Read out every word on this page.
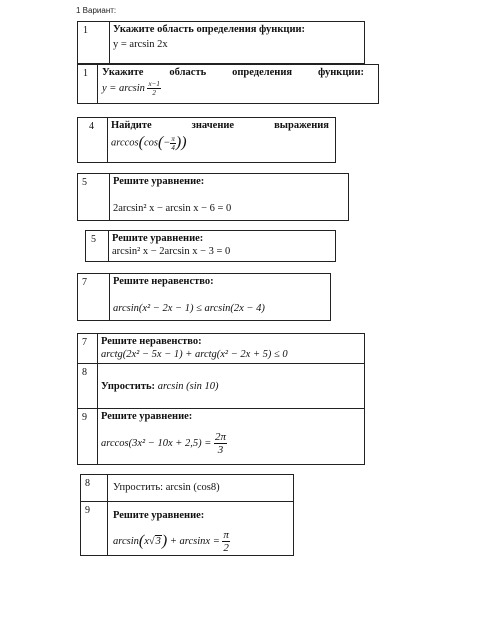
1 Вариант:
1 Укажите область определения функции:
y = arcsin 2x
1 Укажите область определения функции:
$y = \arcsin \frac{x-1}{2}$
4 Найдите	значение	выражения
$\arccos(\cos(- \frac{\pi}{4}$ ))
5 Решите уравнение:
2arcsin² x − arcsin x − 6 = 0
5 Решите уравнение:
arcsin² x − 2arcsin x − 3 = 0
7 Решите неравенство:
arcsin(x² − 2x − 1) ≤ arcsin(2x − 4)
7 Решите неравенство:
arctg(2x² − 5x − 1) + arctg(x² − 2x + 5) ≤ 0
8
Упростить: arcsin (sin 10)
9 Решите уравнение:
$\arccos(3x^2 - 10x + 2,5) = \frac{2\pi}{3}$
8 Упростить: arcsin (cos8)
9 Решите уравнение:
$\arcsin(x√3) + \arcsin x = \frac{\pi}{2}$
